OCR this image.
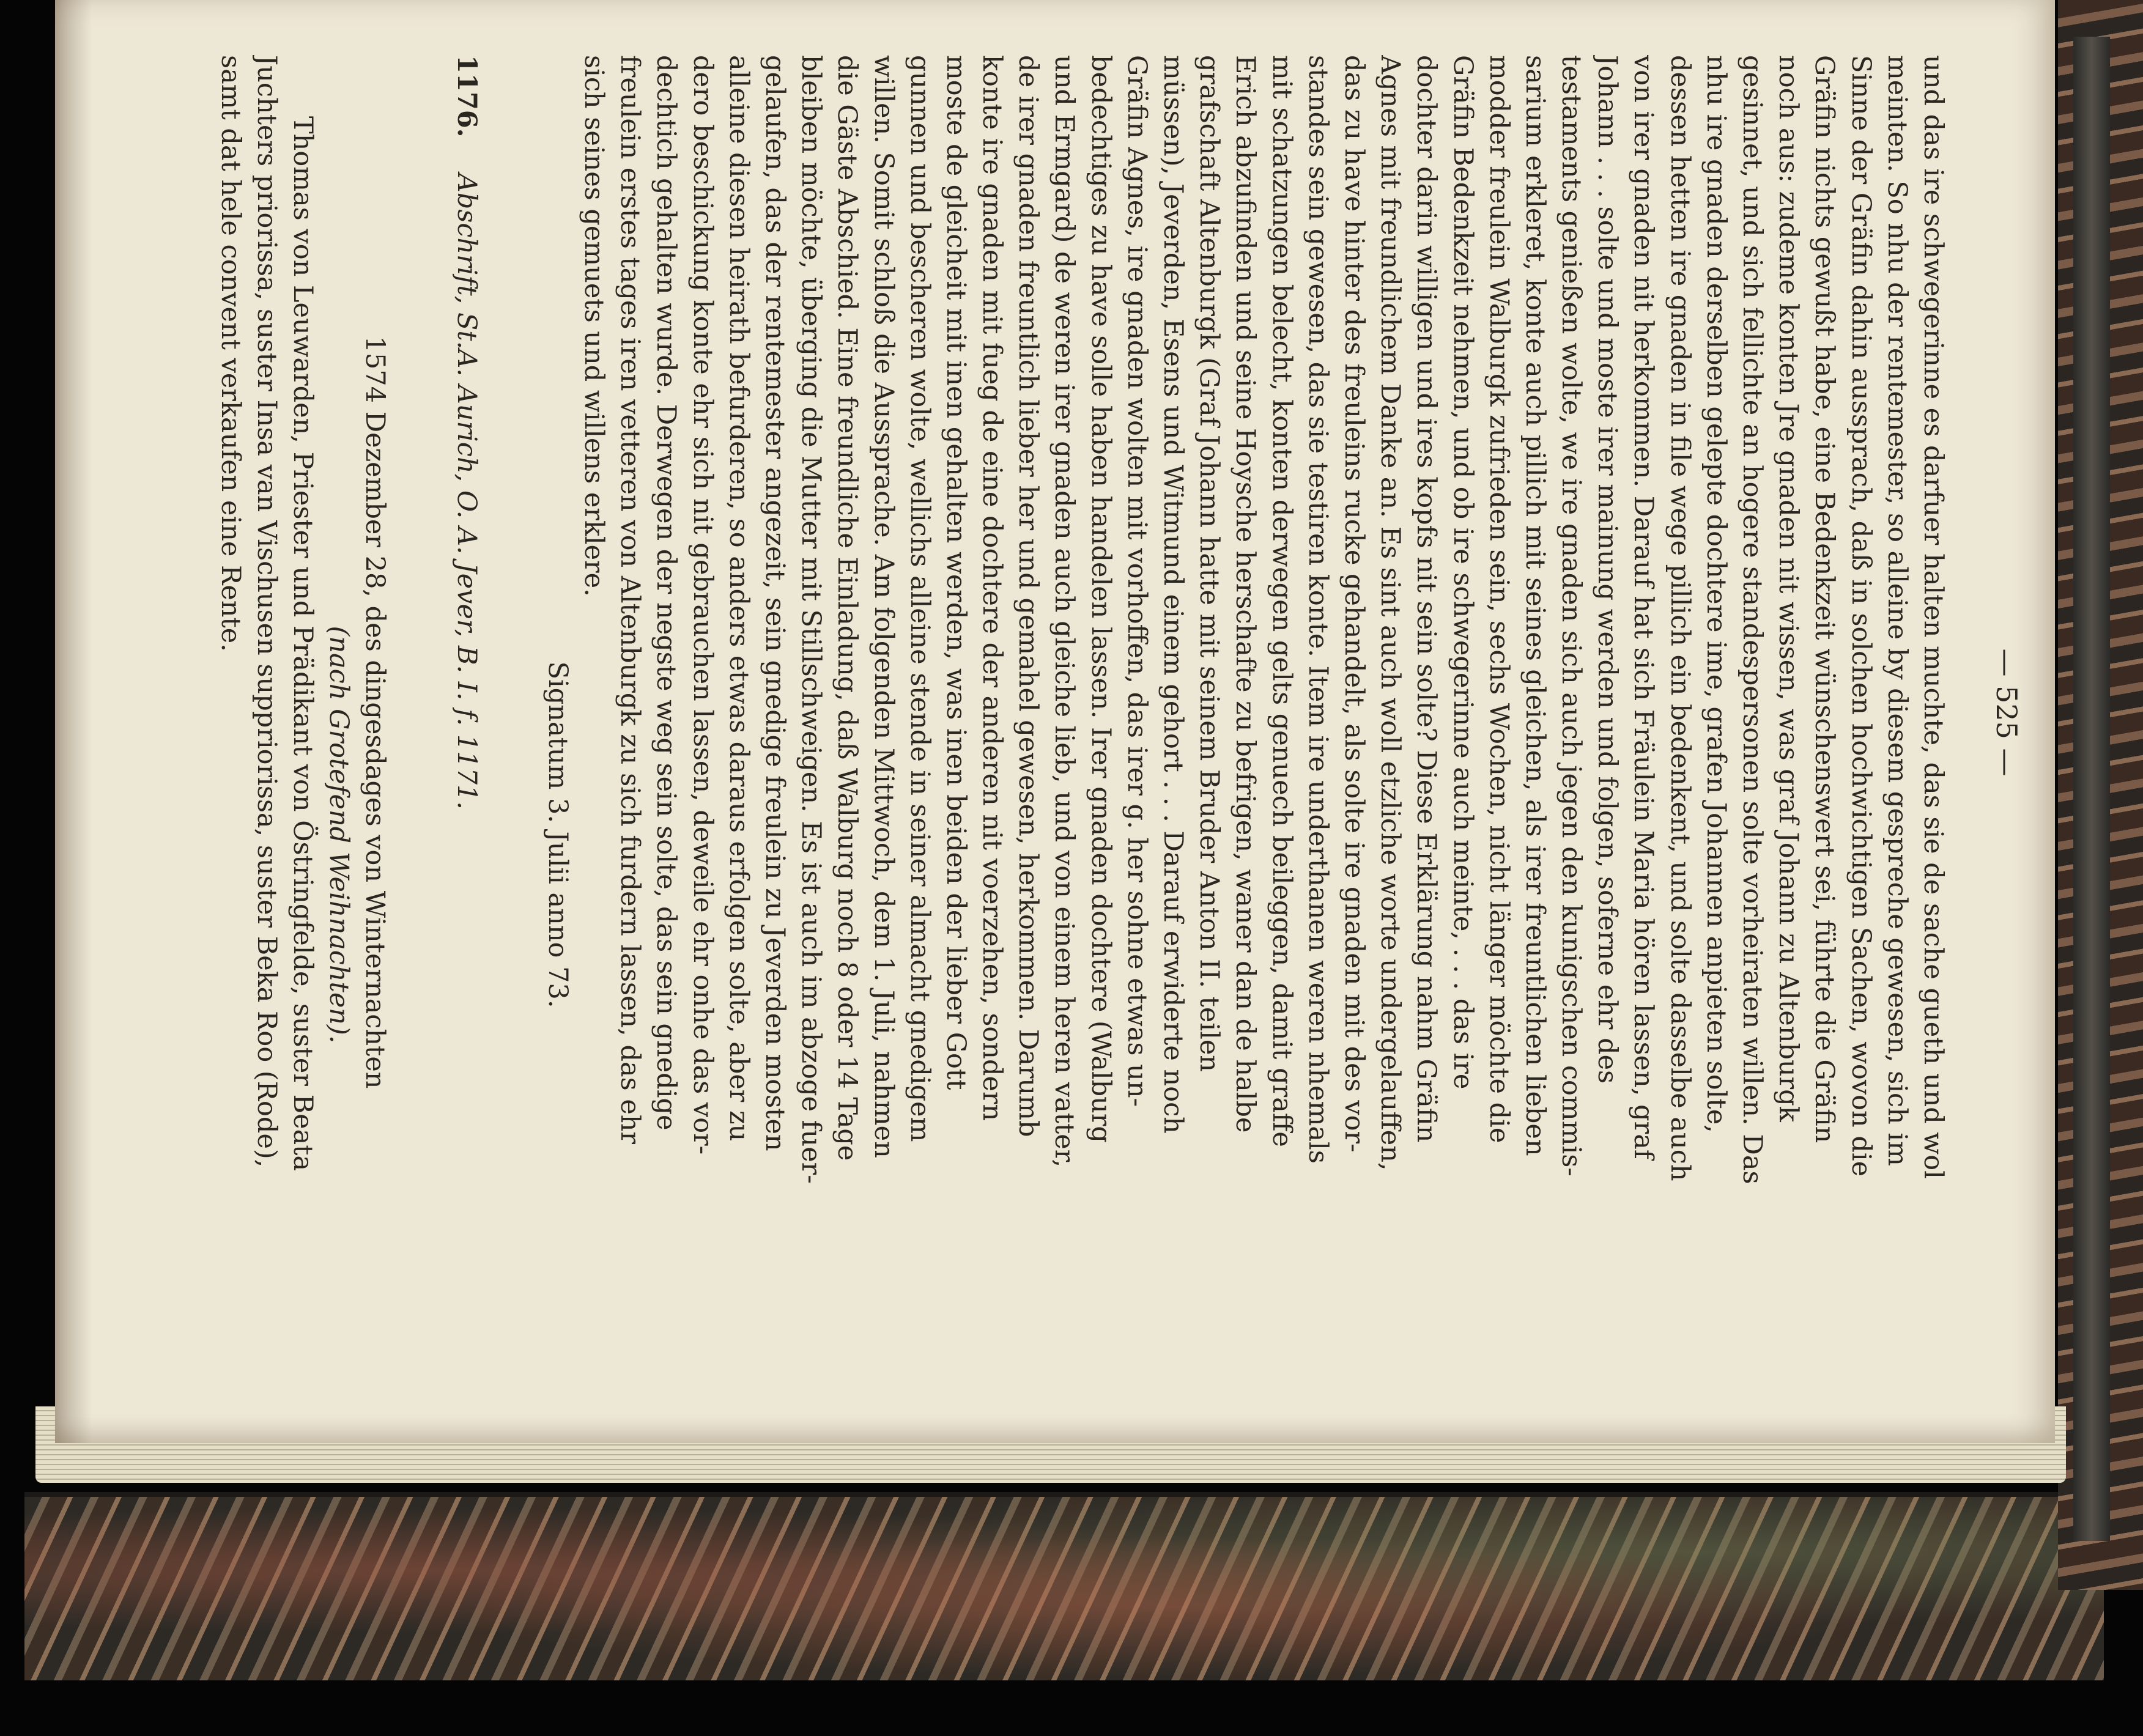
— 525 —
und das ire schwegerinne es darfuer halten muchte, das sie de sache gueth und wol
meinten. So nhu der rentemester, so alleine by diesem gespreche gewesen, sich im
Sinne der Gräfin dahin aussprach, daß in solchen hochwichtigen Sachen, wovon die
Gräfin nichts gewußt habe, eine Bedenkzeit wünschenswert sei, führte die Gräfin
noch aus: zudeme konten Jre gnaden nit wissen, was graf Johann zu Altenburgk
gesinnet, und sich fellichte an hogere standespersonen solte vorheiraten willen. Das
nhu ire gnaden derselben gelepte dochtere ime, grafen Johannen anpieten solte,
dessen hetten ire gnaden in file wege pillich ein bedenkent, und solte dasselbe auch
von irer gnaden nit herkommen. Darauf hat sich Fräulein Maria hören lassen, graf
Johann . . . solte und moste irer mainung werden und folgen, soferne ehr des
testaments genießen wolte, we ire gnaden sich auch jegen den kunigschen commis-
sarium erkleret, konte auch pillich mit seines gleichen, als irer freuntlichen lieben
modder freulein Walburgk zufrieden sein, sechs Wochen, nicht länger möchte die
Gräfin Bedenkzeit nehmen, und ob ire schwegerinne auch meinte, . . . das ire
dochter darin willigen und ires kopfs nit sein solte? Diese Erklärung nahm Gräfin
Agnes mit freundlichem Danke an. Es sint auch woll etzliche worte undergelauffen,
das zu have hinter des freuleins rucke gehandelt, als solte ire gnaden mit des vor-
standes sein gewesen, das sie testiren konte. Item ire underthanen weren nhemals
mit schatzungen belecht, konten derwegen gelts genuech beileggen, damit graffe
Erich abzufinden und seine Hoysche herschafte zu befrigen, waner dan de halbe
grafschaft Altenburgk (Graf Johann hatte mit seinem Bruder Anton II. teilen
müssen), Jeverden, Esens und Witmund einem gehort . . . Darauf erwiderte noch
Gräfin Agnes, ire gnaden wolten mit vorhoffen, das irer g. her sohne etwas un-
bedechtiges zu have solle haben handelen lassen. Irer gnaden dochtere (Walburg
und Ermgard) de weren irer gnaden auch gleiche lieb, und von einem heren vatter,
de irer gnaden freuntlich lieber her und gemahel gewesen, herkommen. Darumb
konte ire gnaden mit fueg de eine dochtere der anderen nit voerzehen, sondern
moste de gleicheit mit inen gehalten werden, was inen beiden der lieber Gott
gunnen und bescheren wolte, wellichs alleine stende in seiner almacht gnedigem
willen. Somit schloß die Aussprache. Am folgenden Mittwoch, dem 1. Juli, nahmen
die Gäste Abschied. Eine freundliche Einladung, daß Walburg noch 8 oder 14 Tage
bleiben möchte, überging die Mutter mit Stillschweigen. Es ist auch im abzoge fuer-
gelaufen, das der rentemester angezeit, sein gnedige freulein zu Jeverden mosten
alleine diesen heirath befurderen, so anders etwas daraus erfolgen solte, aber zu
dero beschickung konte ehr sich nit gebrauchen lassen, deweile ehr onhe das vor-
dechtich gehalten wurde. Derwegen der negste weg sein solte, das sein gnedige
freulein erstes tages iren vetteren von Altenburgk zu sich furdern lassen, das ehr
sich seines gemuets und willens erklere.
Signatum 3. Julii anno 73.
1176. Abschrift, St.A. Aurich, O. A. Jever, B. I. f. 1171.
1574 Dezember 28, des dingesdages von Winternachten
(nach Grotefend Weihnachten).
Thomas von Leuwarden, Priester und Prädikant von Östringfelde, suster Beata
Juchters priorissa, suster Insa van Vischusen suppriorissa, suster Beka Roo (Rode),
samt dat hele convent verkaufen eine Rente.
